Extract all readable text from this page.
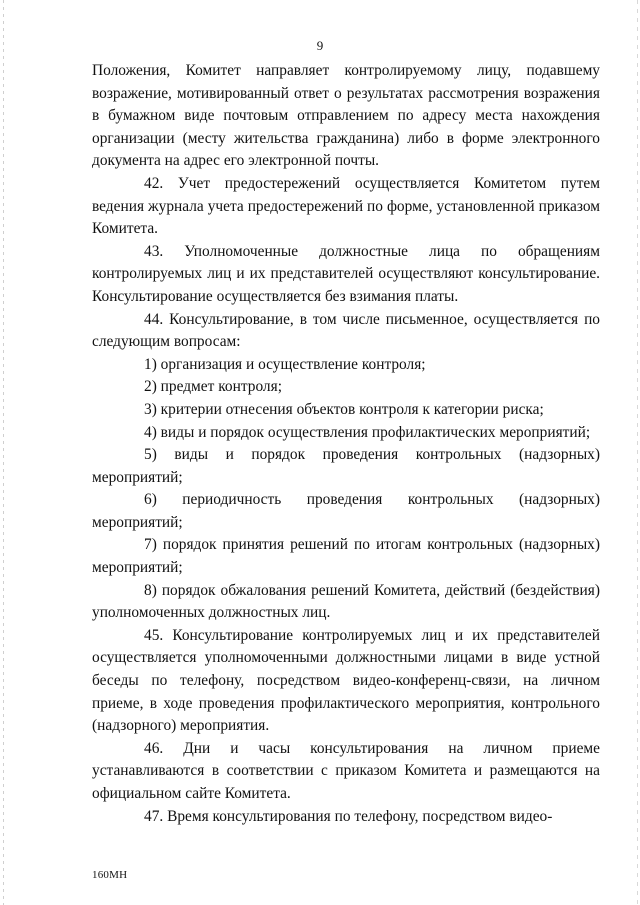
9

Положения, Комитет направляет контролируемому лицу, подавшему возражение, мотивированный ответ о результатах рассмотрения возражения в бумажном виде почтовым отправлением по адресу места нахождения организации (месту жительства гражданина) либо в форме электронного документа на адрес его электронной почты.

42. Учет предостережений осуществляется Комитетом путем ведения журнала учета предостережений по форме, установленной приказом Комитета.

43. Уполномоченные должностные лица по обращениям контролируемых лиц и их представителей осуществляют консультирование. Консультирование осуществляется без взимания платы.

44. Консультирование, в том числе письменное, осуществляется по следующим вопросам:

1) организация и осуществление контроля;

2) предмет контроля;

3) критерии отнесения объектов контроля к категории риска;

4) виды и порядок осуществления профилактических мероприятий;

5) виды и порядок проведения контрольных (надзорных) мероприятий;

6) периодичность проведения контрольных (надзорных) мероприятий;

7) порядок принятия решений по итогам контрольных (надзорных) мероприятий;

8) порядок обжалования решений Комитета, действий (бездействия) уполномоченных должностных лиц.

45. Консультирование контролируемых лиц и их представителей осуществляется уполномоченными должностными лицами в виде устной беседы по телефону, посредством видео-конференц-связи, на личном приеме, в ходе проведения профилактического мероприятия, контрольного (надзорного) мероприятия.

46. Дни и часы консультирования на личном приеме устанавливаются в соответствии с приказом Комитета и размещаются на официальном сайте Комитета.

47. Время консультирования по телефону, посредством видео-

160МН
